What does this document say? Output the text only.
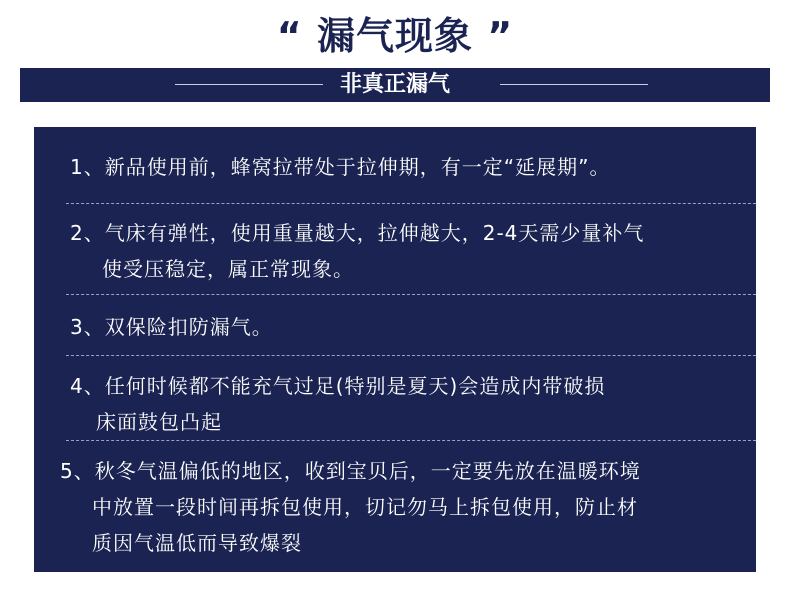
“ 漏气现象 ”
非真正漏气
1、新品使用前，蜂窝拉带处于拉伸期，有一定“延展期”。
2、气床有弹性，使用重量越大，拉伸越大，2-4天需少量补气
使受压稳定，属正常现象。
3、双保险扣防漏气。
4、任何时候都不能充气过足(特别是夏天)会造成内带破损
床面鼓包凸起
5、秋冬气温偏低的地区，收到宝贝后，一定要先放在温暖环境
中放置一段时间再拆包使用，切记勿马上拆包使用，防止材
质因气温低而导致爆裂
